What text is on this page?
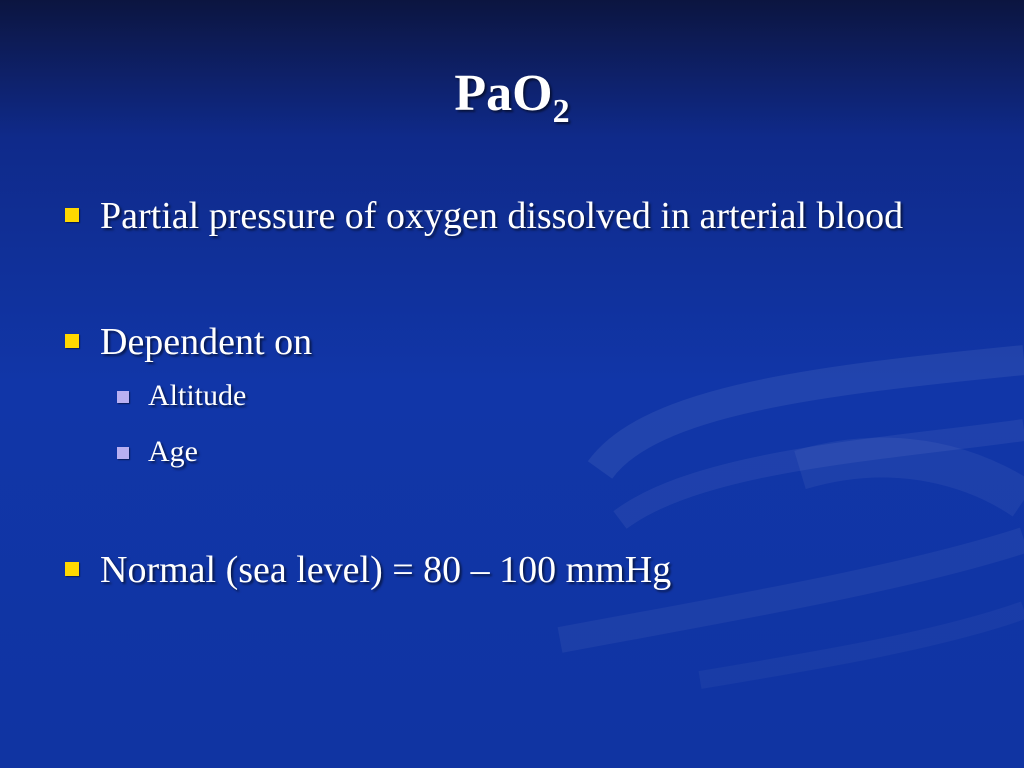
PaO$_2$
Partial pressure of oxygen dissolved in arterial blood
Dependent on
Altitude
Age
Normal (sea level) = 80 – 100 mmHg
